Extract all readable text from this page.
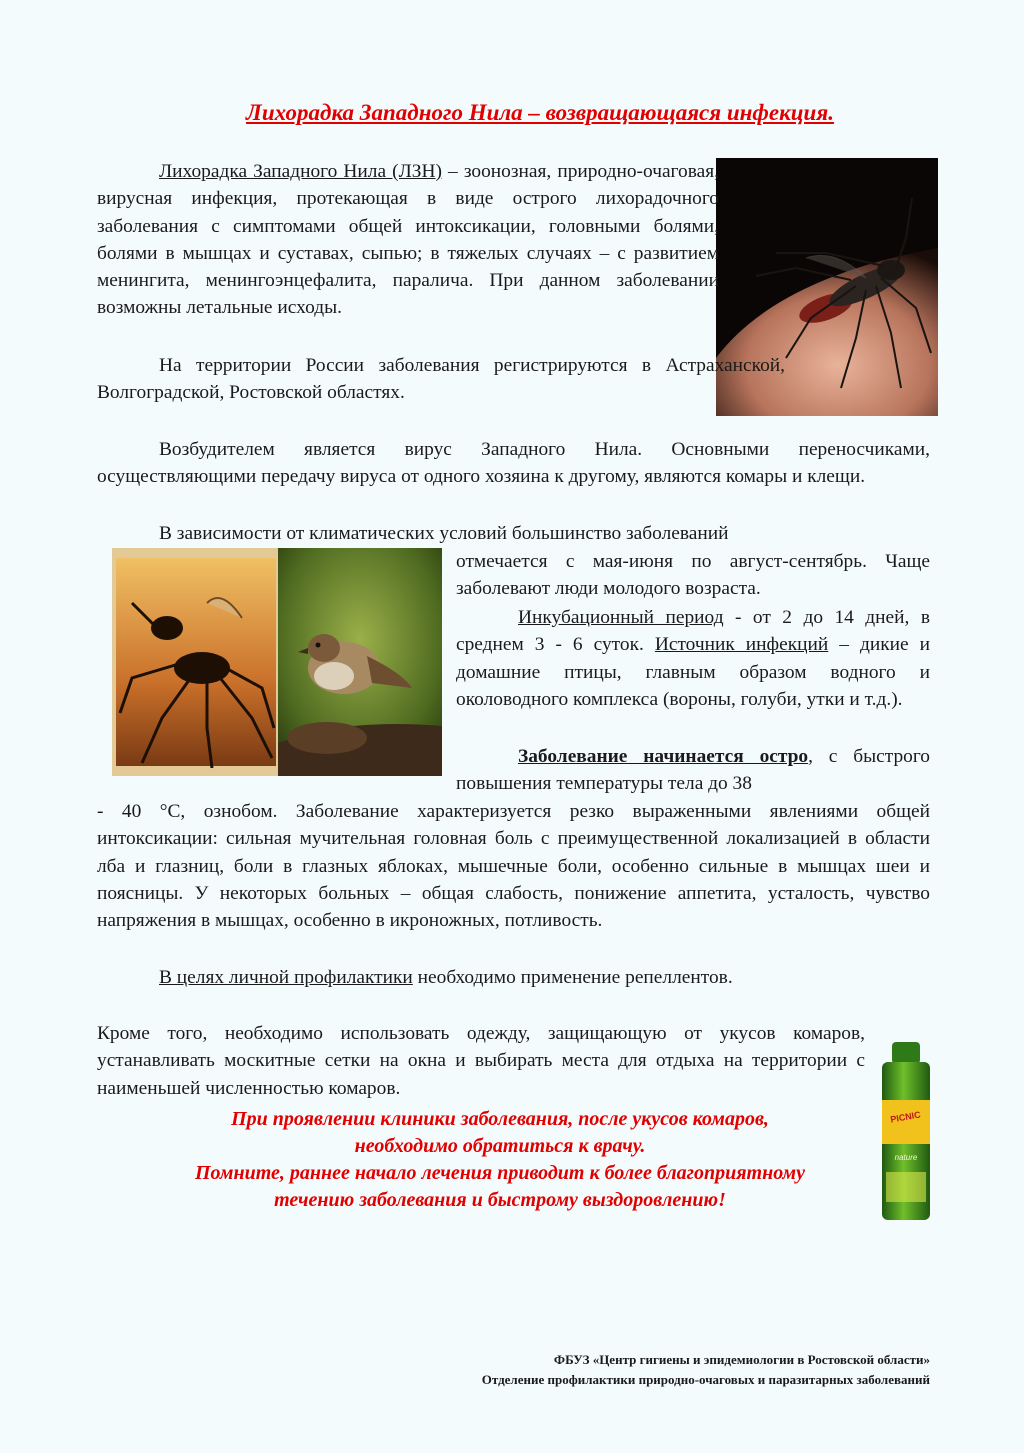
Лихорадка Западного Нила – возвращающаяся инфекция.

Лихорадка Западного Нила (ЛЗН) – зоонозная, природно-очаговая, вирусная инфекция, протекающая в виде острого лихорадочного заболевания с симптомами общей интоксикации, головными болями, болями в мышцах и суставах, сыпью; в тяжелых случаях – с развитием менингита, менингоэнцефалита, паралича. При данном заболевании возможны летальные исходы.

На территории России заболевания регистрируются в Астраханской, Волгоградской, Ростовской областях.

Возбудителем является вирус Западного Нила. Основными переносчиками, осуществляющими передачу вируса от одного хозяина к другому, являются комары и клещи.

В зависимости от климатических условий большинство заболеваний

отмечается с мая-июня по август-сентябрь. Чаще заболевают люди молодого возраста.

Инкубационный период - от 2 до 14 дней, в среднем 3 - 6 суток. Источник инфекций – дикие и домашние птицы, главным образом водного и околоводного комплекса (вороны, голуби, утки и т.д.).

Заболевание начинается остро, с быстрого повышения температуры тела до 38

- 40 °С, ознобом. Заболевание характеризуется резко выраженными явлениями общей интоксикации: сильная мучительная головная боль с преимущественной локализацией в области лба и глазниц, боли в глазных яблоках, мышечные боли, особенно сильные в мышцах шеи и поясницы. У некоторых больных – общая слабость, понижение аппетита, усталость, чувство напряжения в мышцах, особенно в икроножных, потливость.

В целях личной профилактики необходимо применение репеллентов.

Кроме того, необходимо использовать одежду, защищающую от укусов комаров, устанавливать москитные сетки на окна и выбирать места для отдыха на территории с наименьшей численностью комаров.

PICNIC
nature
При проявлении клиники заболевания, после укусов комаров,
необходимо обратиться к врачу.
Помните, раннее начало лечения приводит к более благоприятному
течению заболевания и быстрому выздоровлению!
ФБУЗ «Центр гигиены и эпидемиологии в Ростовской области»
Отделение профилактики природно-очаговых и паразитарных заболеваний
